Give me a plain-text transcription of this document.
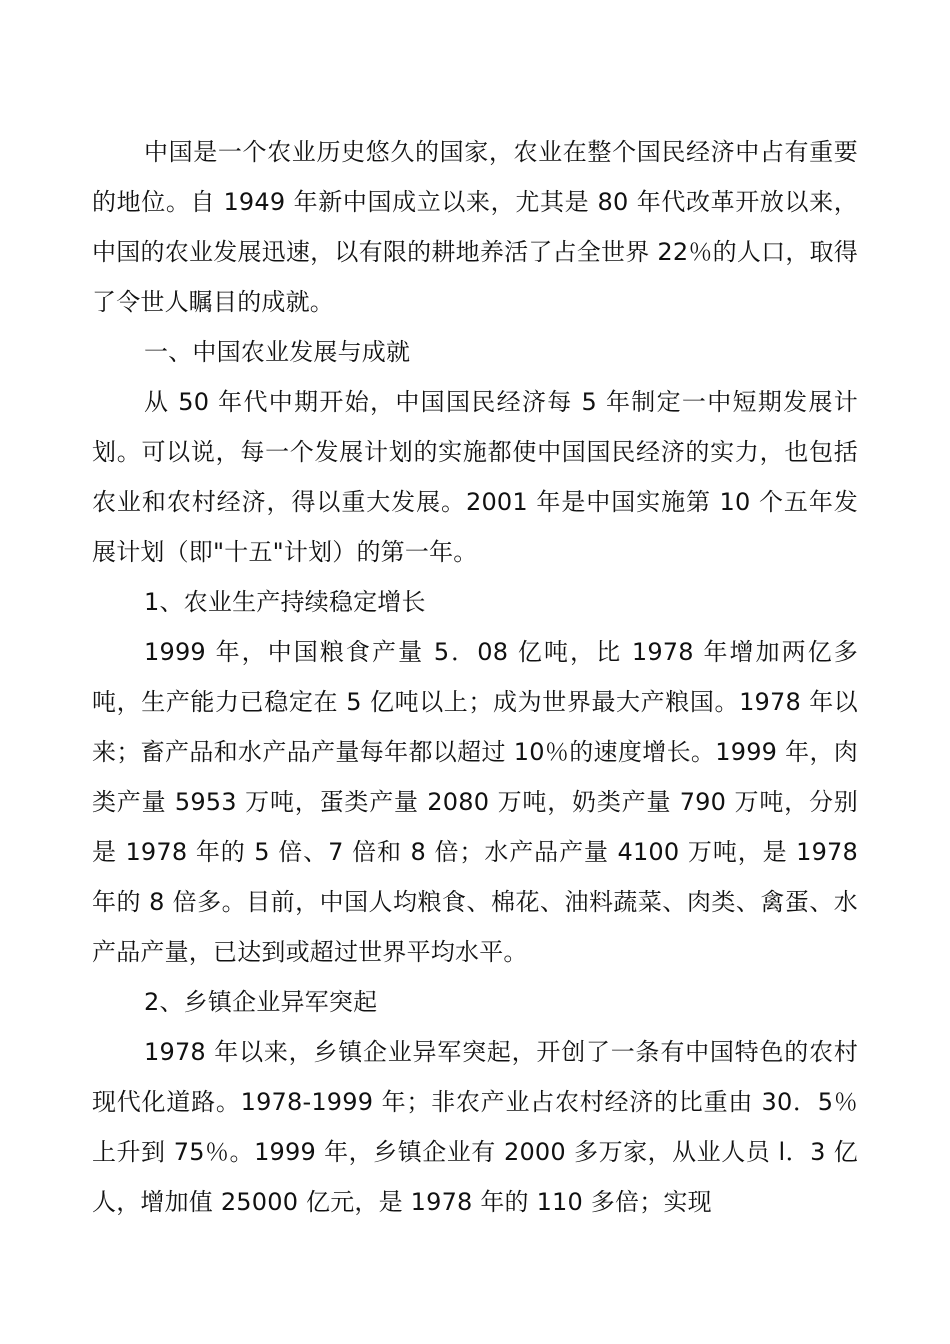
中国是一个农业历史悠久的国家，农业在整个国民经济中占有重要的地位。自 1949 年新中国成立以来，尤其是 80 年代改革开放以来，中国的农业发展迅速，以有限的耕地养活了占全世界 22％的人口，取得了令世人瞩目的成就。

一、中国农业发展与成就

从 50 年代中期开始，中国国民经济每 5 年制定一中短期发展计划。可以说，每一个发展计划的实施都使中国国民经济的实力，也包括农业和农村经济，得以重大发展。2001 年是中国实施第 10 个五年发展计划（即"十五"计划）的第一年。

1、农业生产持续稳定增长

1999 年，中国粮食产量 5．08 亿吨，比 1978 年增加两亿多吨，生产能力已稳定在 5 亿吨以上；成为世界最大产粮国。1978 年以来；畜产品和水产品产量每年都以超过 10％的速度增长。1999 年，肉类产量 5953 万吨，蛋类产量 2080 万吨，奶类产量 790 万吨，分别是 1978 年的 5 倍、7 倍和 8 倍；水产品产量 4100 万吨，是 1978 年的 8 倍多。目前，中国人均粮食、棉花、油料蔬菜、肉类、禽蛋、水产品产量，已达到或超过世界平均水平。

2、乡镇企业异军突起

1978 年以来，乡镇企业异军突起，开创了一条有中国特色的农村现代化道路。1978-1999 年；非农产业占农村经济的比重由 30．5％上升到 75％。1999 年，乡镇企业有 2000 多万家，从业人员 l．3 亿人，增加值 25000 亿元，是 1978 年的 110 多倍；实现
